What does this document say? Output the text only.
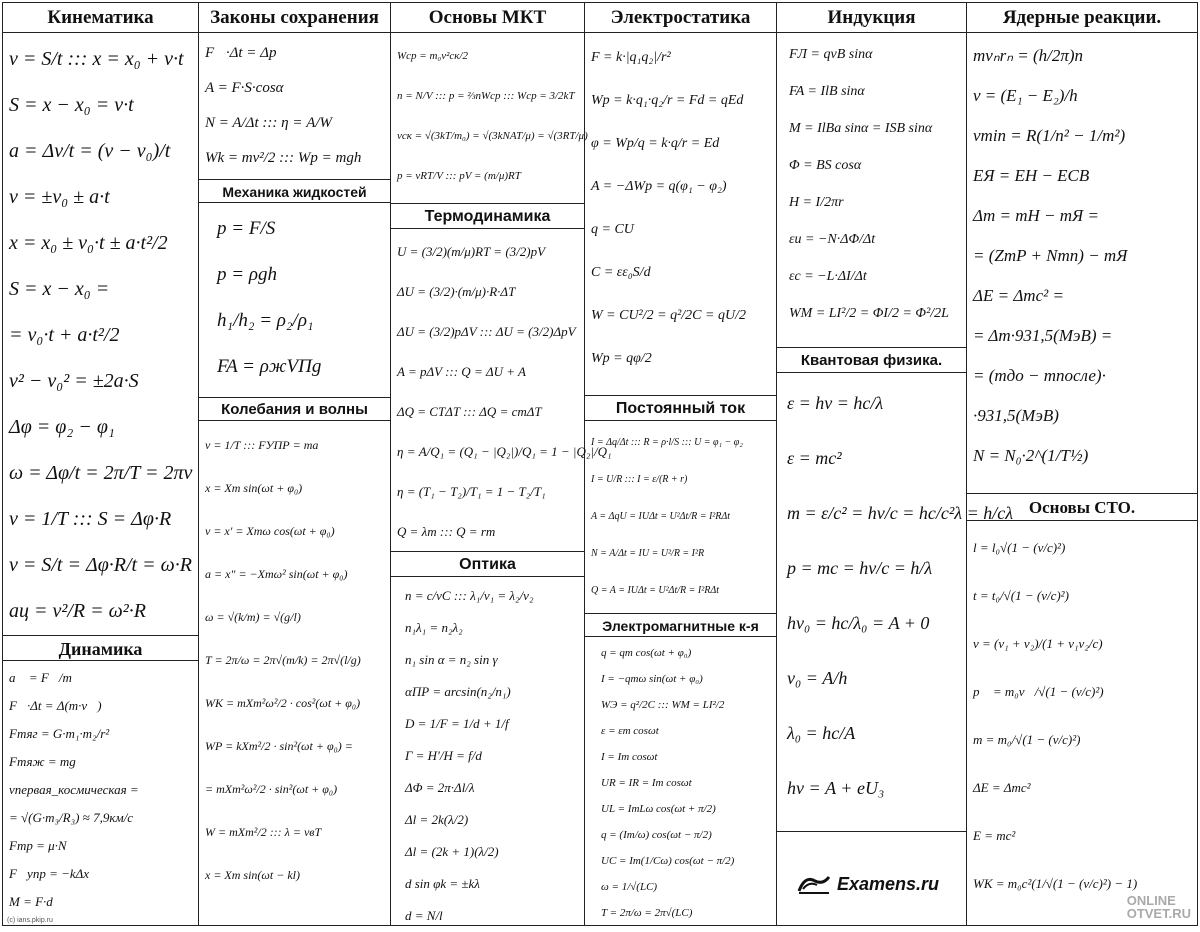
Кинематика
v = S/t ::: x = x₀ + v·t
S = x − x₀ = v·t
a = Δv/t = (v − v₀)/t
v = ±v₀ ± a·t
x = x₀ ± v₀·t ± a·t²/2
S = x − x₀ =
= v₀·t + a·t²/2
v² − v₀² = ±2a·S
Δφ = φ₂ − φ₁
ω = Δφ/t = 2π/T = 2πν
ν = 1/T ::: S = Δφ·R
v = S/t = Δφ·R/t = ω·R
aц = v²/R = ω²·R
Динамика
a⃗ = F⃗/m
F⃗·Δt = Δ(m·v⃗)
Fтяг = G·m₁·m₂/r²
Fтяж = mg
vпервая_космическая =
= √(G·m₃/R₃) ≈ 7,9км/с
Fтр = μ·N
F⃗упр = −kΔx⃗
M = F·d
(c) ians.pkip.ru
Законы сохранения
F⃗·Δt = Δp⃗
A = F·S·cosα
N = A/Δt ::: η = A/W
Wk = mv²/2 ::: Wp = mgh
Механика жидкостей
p = F/S
p = ρgh
h₁/h₂ = ρ₂/ρ₁
FA = ρжVПg
Колебания и волны
ν = 1/T ::: FУПР = ma
x = Xm sin(ωt + φ₀)
v = x' = Xmω cos(ωt + φ₀)
a = x" = −Xmω² sin(ωt + φ₀)
ω = √(k/m) = √(g/l)
T = 2π/ω = 2π√(m/k) = 2π√(l/g)
WK = mXm²ω²/2 · cos²(ωt + φ₀)
WP = kXm²/2 · sin²(ωt + φ₀) =
= mXm²ω²/2 · sin²(ωt + φ₀)
W = mXm²/2 ::: λ = vвT
x = Xm sin(ωt − kl)
Основы МКТ
Wср = m₀v²ск/2
n = N/V ::: p = ⅔nWср ::: Wср = 3/2kT
vск = √(3kT/m₀) = √(3kNAT/μ) = √(3RT/μ)
p = νRT/V ::: pV = (m/μ)RT
Термодинамика
U = (3/2)(m/μ)RT = (3/2)pV
ΔU = (3/2)·(m/μ)·R·ΔT
ΔU = (3/2)pΔV ::: ΔU = (3/2)ΔpV
A = pΔV ::: Q = ΔU + A
ΔQ = CTΔT ::: ΔQ = cmΔT
η = A/Q₁ = (Q₁ − |Q₂|)/Q₁ = 1 − |Q₂|/Q₁
η = (T₁ − T₂)/T₁ = 1 − T₂/T₁
Q = λm ::: Q = rm
Оптика
n = c/vC ::: λ₁/ν₁ = λ₂/ν₂
n₁λ₁ = n₂λ₂
n₁ sin α = n₂ sin γ
αПР = arcsin(n₂/n₁)
D = 1/F = 1/d + 1/f
Γ = H'/H = f/d
ΔΦ = 2π·Δl/λ
Δl = 2k(λ/2)
Δl = (2k + 1)(λ/2)
d sin φk = ±kλ
d = N/l
Электростатика
F = k·|q₁q₂|/r²
Wp = k·q₁·q₂/r = Fd = qEd
φ = Wp/q = k·q/r = Ed
A = −ΔWp = q(φ₁ − φ₂)
q = CU
C = εε₀S/d
W = CU²/2 = q²/2C = qU/2
Wp = qφ/2
Постоянный ток
I = Δq/Δt ::: R = ρ·l/S ::: U = φ₁ − φ₂
I = U/R ::: I = ε/(R + r)
A = ΔqU = IUΔt = U²Δt/R = I²RΔt
N = A/Δt = IU = U²/R = I²R
Q = A = IUΔt = U²Δt/R = I²RΔt
Электромагнитные к-я
q = qm cos(ωt + φ₀)
I = −qmω sin(ωt + φ₀)
WЭ = q²/2C ::: WM = LI²/2
ε = εm cosωt
I = Im cosωt
UR = IR = Im cosωt
UL = ImLω cos(ωt + π/2)
q = (Im/ω) cos(ωt − π/2)
UC = Im(1/Cω) cos(ωt − π/2)
ω = 1/√(LC)
T = 2π/ω = 2π√(LC)
Индукция
FЛ = qvB sinα
FA = IlB sinα
M = IlBa sinα = ISB sinα
Φ = BS cosα
H = I/2πr
εи = −N·ΔΦ/Δt
εс = −L·ΔI/Δt
WM = LI²/2 = ΦI/2 = Φ²/2L
Квантовая физика.
ε = hν = hc/λ
ε = mc²
m = ε/c² = hν/c = hc/c²λ = h/cλ
p = mc = hν/c = h/λ
hν₀ = hc/λ₀ = A + 0
ν₀ = A/h
λ₀ = hc/A
hν = A + eU₃
Examens.ru
Ядерные реакции.
mνₙrₙ = (h/2π)n
ν = (E₁ − E₂)/h
νmin = R(1/n² − 1/m²)
EЯ = EН − EСВ
Δm = mН − mЯ =
= (ZmP + Nmn) − mЯ
ΔE = Δmc² =
= Δm·931,5(МэВ) =
= (mдо − mпосле)·
·931,5(МэВ)
N = N₀·2^(1/T½)
Основы СТО.
l = l₀√(1 − (v/c)²)
t = t₀/√(1 − (v/c)²)
v = (v₁ + v₂)/(1 + v₁v₂/c)
p⃗ = m₀v⃗/√(1 − (v/c)²)
m = m₀/√(1 − (v/c)²)
ΔE = Δmc²
E = mc²
WK = m₀c²(1/√(1 − (v/c)²) − 1)
ONLINE
OTVET.RU
